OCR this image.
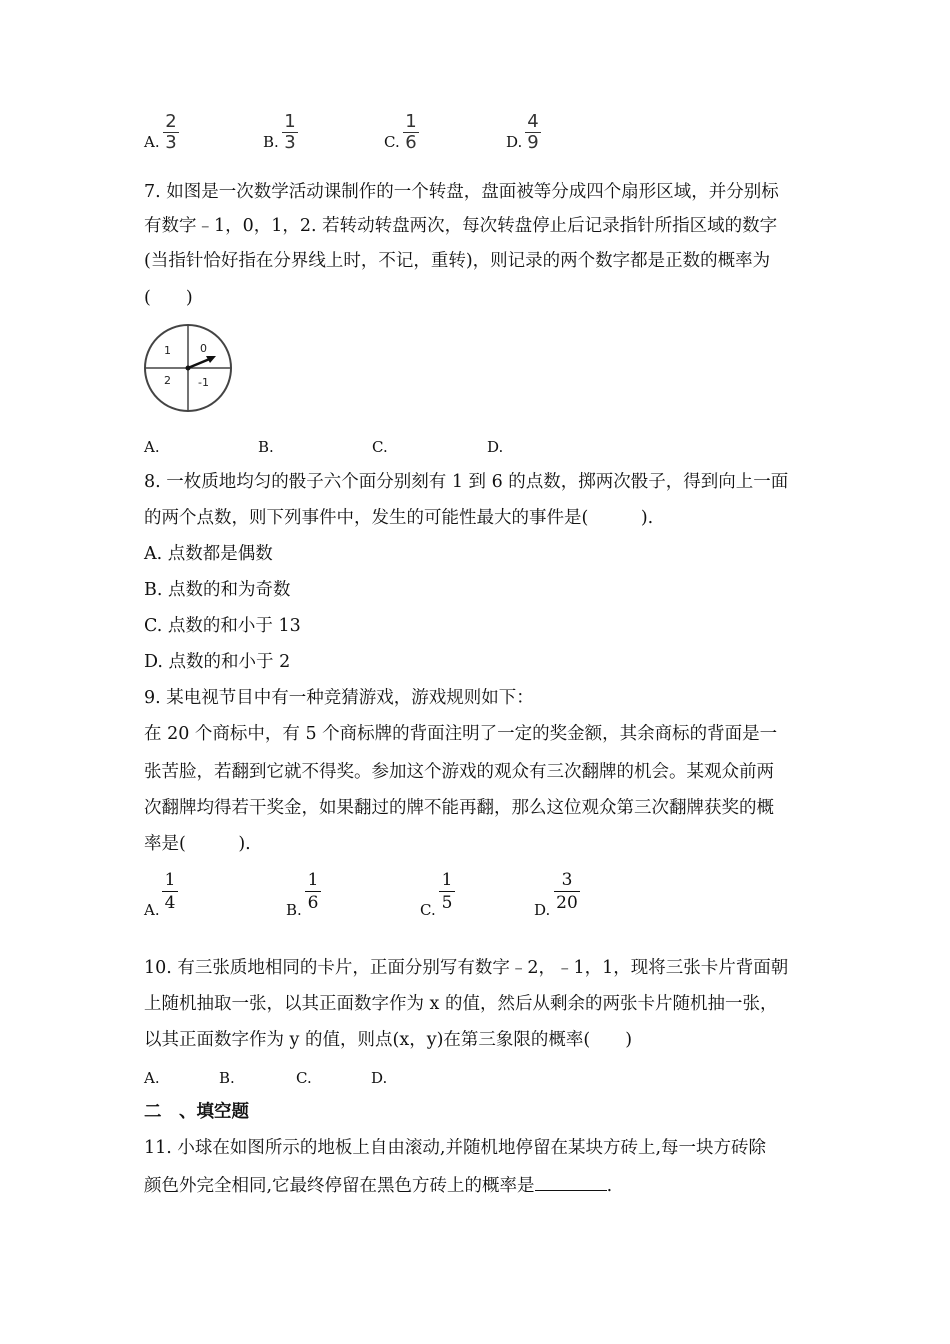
A.
2
3	B.
1
3	C.
1
6	D.
4
9
7. 如图是一次数学活动课制作的一个转盘，盘面被等分成四个扇形区域，并分别标
有数字﹣1，0，1，2. 若转动转盘两次，每次转盘停止后记录指针所指区域的数字
(当指针恰好指在分界线上时，不记，重转)，则记录的两个数字都是正数的概率为
(　　)
1	0
2 -1
A.	B.	C.	D.
8. 一枚质地均匀的骰子六个面分别刻有 1 到 6 的点数，掷两次骰子，得到向上一面
的两个点数，则下列事件中，发生的可能性最大的事件是(　　　).
A. 点数都是偶数
B. 点数的和为奇数
C. 点数的和小于 13
D. 点数的和小于 2
9. 某电视节目中有一种竞猜游戏，游戏规则如下：
在 20 个商标中，有 5 个商标牌的背面注明了一定的奖金额，其余商标的背面是一
张苦脸，若翻到它就不得奖。参加这个游戏的观众有三次翻牌的机会。某观众前两
次翻牌均得若干奖金，如果翻过的牌不能再翻，那么这位观众第三次翻牌获奖的概
率是(　　　).
A.
1
4	B.
1
6	C.
1
5	D.
3
20
10. 有三张质地相同的卡片，正面分别写有数字﹣2，﹣1，1，现将三张卡片背面朝
上随机抽取一张，以其正面数字作为 x 的值，然后从剩余的两张卡片随机抽一张，
以其正面数字作为 y 的值，则点(x，y)在第三象限的概率(　　)
A.	B.	C.	D.
二　、填空题
11. 小球在如图所示的地板上自由滚动,并随机地停留在某块方砖上,每一块方砖除
颜色外完全相同,它最终停留在黑色方砖上的概率是	.
